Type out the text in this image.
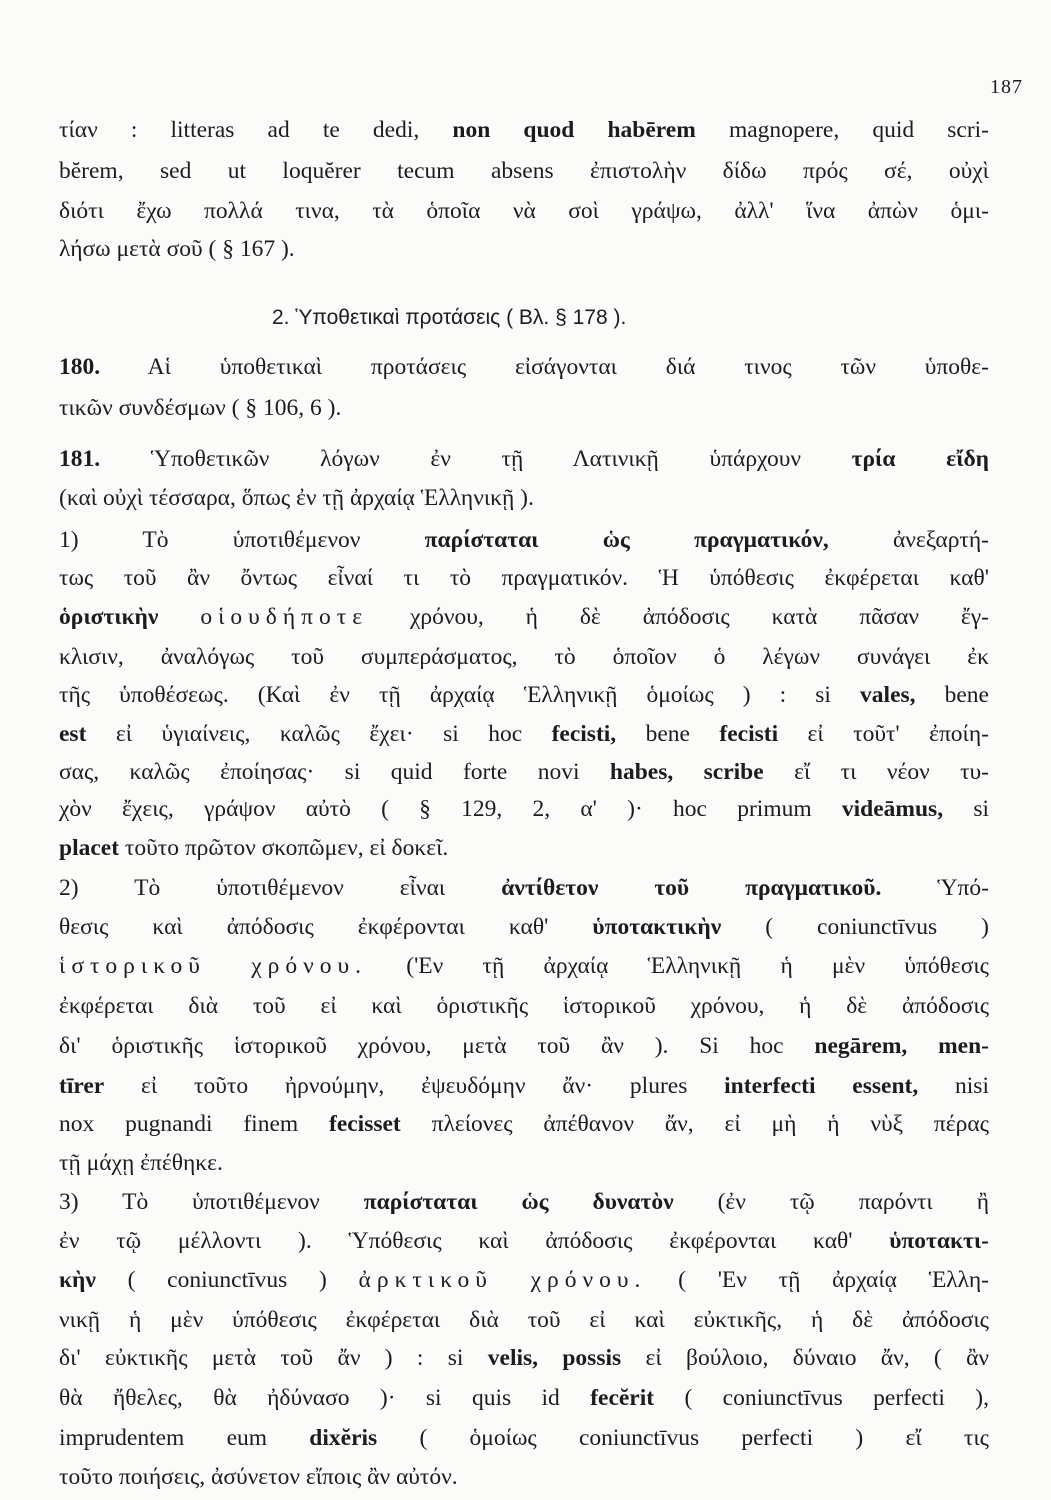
187
τίαν : litteras ad te dedi, non quod habērem magnopere, quid scri-
bĕrem, sed ut loquĕrer tecum absens ἐπιστολὴν δίδω πρός σέ, οὐχὶ
διότι ἔχω πολλά τινα, τὰ ὁποῖα νὰ σοὶ γράψω, ἀλλ' ἵνα ἀπὼν ὁμι-
λήσω μετὰ σοῦ ( § 167 ).
180. Αἱ ὑποθετικαὶ προτάσεις εἰσάγονται διά τινος τῶν ὑποθε-
τικῶν συνδέσμων ( § 106, 6 ).
181. Ὑποθετικῶν λόγων ἐν τῇ Λατινικῇ ὑπάρχουν τρία εἴδη
(καὶ οὐχὶ τέσσαρα, ὅπως ἐν τῇ ἀρχαίᾳ Ἑλληνικῇ ).
1) Τὸ ὑποτιθέμενον παρίσταται ὡς πραγματικόν, ἀνεξαρτή-
τως τοῦ ἂν ὄντως εἶναί τι τὸ πραγματικόν. Ἡ ὑπόθεσις ἐκφέρεται καθ'
ὁριστικὴν οἱουδήποτε χρόνου, ἡ δὲ ἀπόδοσις κατὰ πᾶσαν ἔγ-
κλισιν, ἀναλόγως τοῦ συμπεράσματος, τὸ ὁποῖον ὁ λέγων συνάγει ἐκ
τῆς ὑποθέσεως. (Καὶ ἐν τῇ ἀρχαίᾳ Ἑλληνικῇ ὁμοίως ) : si vales, bene
est εἰ ὑγιαίνεις, καλῶς ἔχει· si hoc fecisti, bene fecisti εἰ τοῦτ' ἐποίη-
σας, καλῶς ἐποίησας· si quid forte novi habes, scribe εἴ τι νέον τυ-
χὸν ἔχεις, γράψον αὐτὸ ( § 129, 2, α' )· hoc primum videāmus, si
placet τοῦτο πρῶτον σκοπῶμεν, εἰ δοκεῖ.
2) Τὸ ὑποτιθέμενον εἶναι ἀντίθετον τοῦ πραγματικοῦ. Ὑπό-
θεσις καὶ ἀπόδοσις ἐκφέρονται καθ' ὑποτακτικὴν ( coniunctīvus )
ἱστορικοῦ χρόνου. ('Εν τῇ ἀρχαίᾳ Ἑλληνικῇ ἡ μὲν ὑπόθεσις
ἐκφέρεται διὰ τοῦ εἰ καὶ ὁριστικῆς ἱστορικοῦ χρόνου, ἡ δὲ ἀπόδοσις
δι' ὁριστικῆς ἱστορικοῦ χρόνου, μετὰ τοῦ ἂν ). Si hoc negārem, men-
tīrer εἰ τοῦτο ἠρνούμην, ἐψευδόμην ἄν· plures interfecti essent, nisi
nox pugnandi finem fecisset πλείονες ἀπέθανον ἄν, εἰ μὴ ἡ νὺξ πέρας
τῇ μάχῃ ἐπέθηκε.
3) Τὸ ὑποτιθέμενον παρίσταται ὡς δυνατὸν (ἐν τῷ παρόντι ἢ
ἐν τῷ μέλλοντι ). Ὑπόθεσις καὶ ἀπόδοσις ἐκφέρονται καθ' ὑποτακτι-
κὴν ( coniunctīvus ) ἀρκτικοῦ χρόνου. ( 'Εν τῇ ἀρχαίᾳ Ἑλλη-
νικῇ ἡ μὲν ὑπόθεσις ἐκφέρεται διὰ τοῦ εἰ καὶ εὐκτικῆς, ἡ δὲ ἀπόδοσις
δι' εὐκτικῆς μετὰ τοῦ ἄν ) : si velis, possis εἰ βούλοιο, δύναιο ἄν, ( ἂν
θὰ ἤθελες, θὰ ἠδύνασο )· si quis id fecĕrit ( coniunctīvus perfecti ),
imprudentem eum dixĕris ( ὁμοίως coniunctīvus perfecti ) εἴ τις
τοῦτο ποιήσεις, ἀσύνετον εἴποις ἂν αὐτόν.
2. Ὑποθετικαὶ προτάσεις ( Βλ. § 178 ).
